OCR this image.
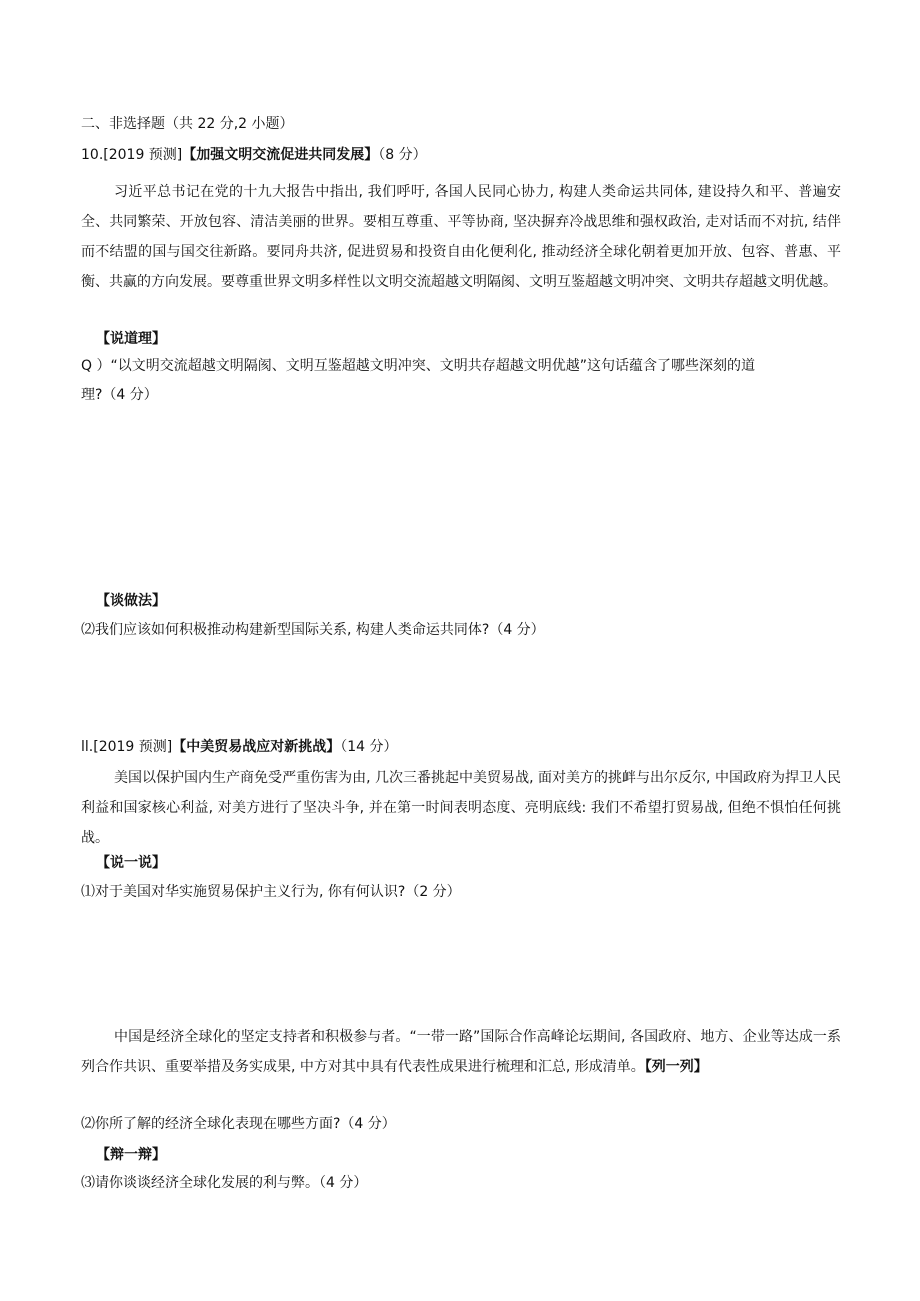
二、非选择题（共 22 分,2 小题）
10.[2019 预测]【加强文明交流促进共同发展】（8 分）

习近平总书记在党的十九大报告中指出, 我们呼吁, 各国人民同心协力, 构建人类命运共同体, 建设持久和平、普遍安全、共同繁荣、开放包容、清洁美丽的世界。要相互尊重、平等协商, 坚决摒弃冷战思维和强权政治, 走对话而不对抗, 结伴而不结盟的国与国交往新路。要同舟共济, 促进贸易和投资自由化便利化, 推动经济全球化朝着更加开放、包容、普惠、平衡、共赢的方向发展。要尊重世界文明多样性以文明交流超越文明隔阂、文明互鉴超越文明冲突、文明共存超越文明优越。

【说道理】
Q ）“以文明交流超越文明隔阂、文明互鉴超越文明冲突、文明共存超越文明优越”这句话蕴含了哪些深刻的道
理?（4 分）
【谈做法】
⑵我们应该如何积极推动构建新型国际关系, 构建人类命运共同体?（4 分）
ll.[2019 预测]【中美贸易战应对新挑战】（14 分）

美国以保护国内生产商免受严重伤害为由, 几次三番挑起中美贸易战, 面对美方的挑衅与出尔反尔, 中国政府为捍卫人民利益和国家核心利益, 对美方进行了坚决斗争, 并在第一时间表明态度、亮明底线: 我们不希望打贸易战, 但绝不惧怕任何挑战。

【说一说】
⑴对于美国对华实施贸易保护主义行为, 你有何认识?（2 分）

中国是经济全球化的坚定支持者和积极参与者。“一带一路”国际合作高峰论坛期间, 各国政府、地方、企业等达成一系列合作共识、重要举措及务实成果, 中方对其中具有代表性成果进行梳理和汇总, 形成清单。【列一列】

⑵你所了解的经济全球化表现在哪些方面?（4 分）
【辩一辩】
⑶请你谈谈经济全球化发展的利与弊。（4 分）
